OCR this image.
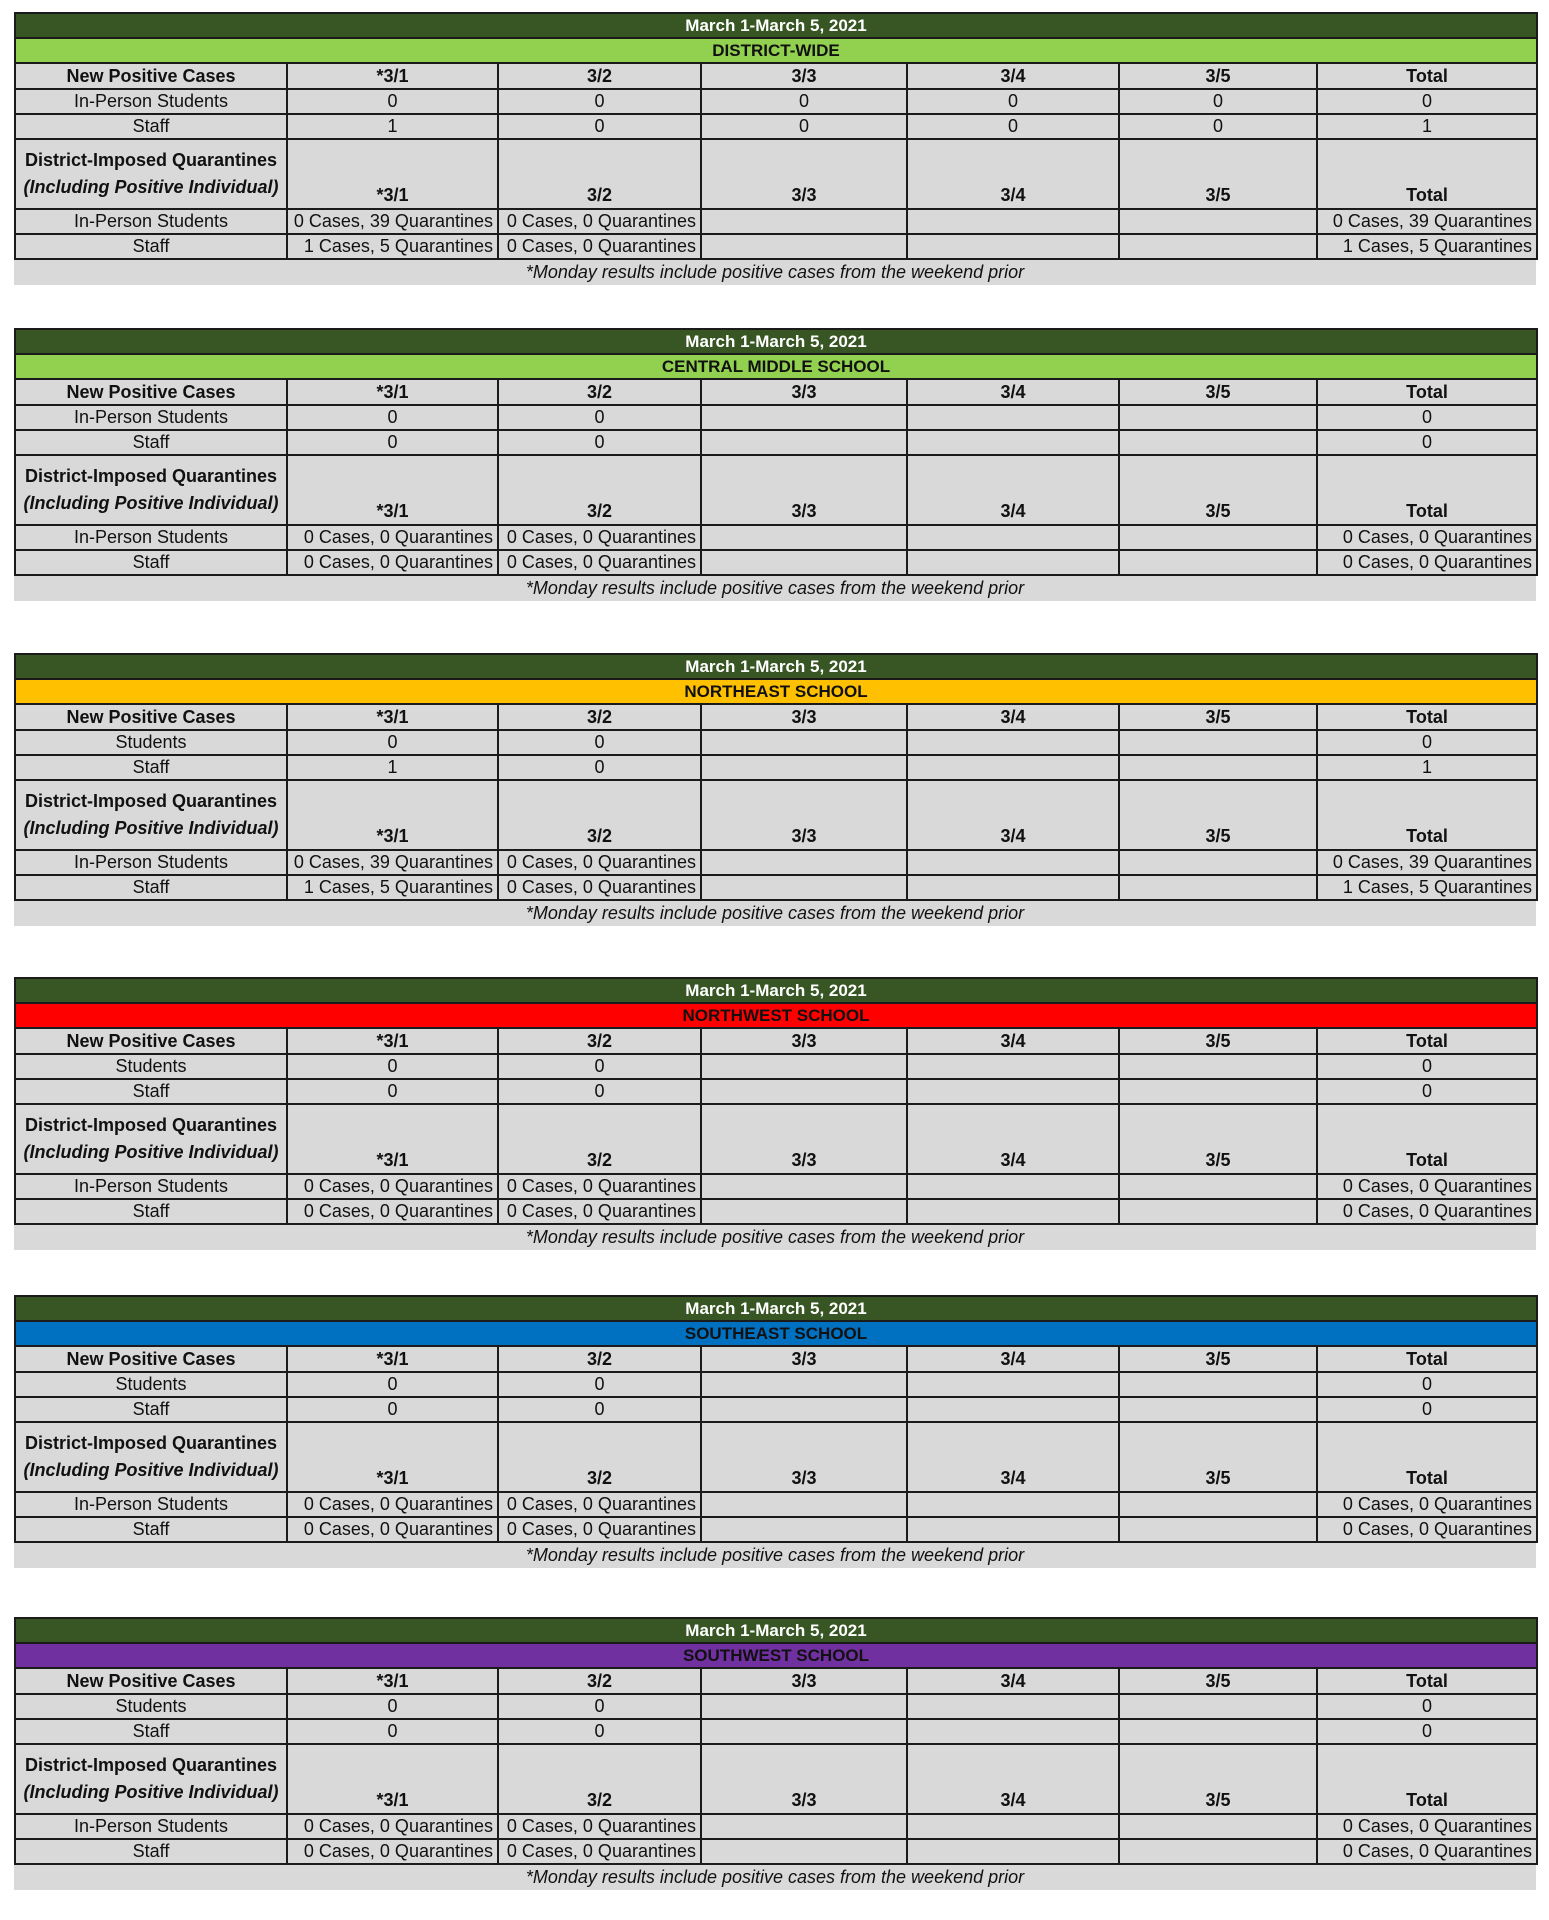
March 1-March 5, 2021						
DISTRICT-WIDE						
New Positive Cases	*3/1	3/2	3/3	3/4	3/5	Total
In-Person Students	0	0	0	0	0	0
Staff	1	0	0	0	0	1

District-Imposed Quarantines
(Including Positive Individual)	*3/1	3/2	3/3	3/4	3/5	Total
In-Person Students	0 Cases, 39 Quarantines	0 Cases, 0 Quarantines				0 Cases, 39 Quarantines
Staff	1 Cases, 5 Quarantines	0 Cases, 0 Quarantines				1 Cases, 5 Quarantines
*Monday results include positive cases from the weekend prior
March 1-March 5, 2021						
CENTRAL MIDDLE SCHOOL						
New Positive Cases	*3/1	3/2	3/3	3/4	3/5	Total
In-Person Students	0	0				0
Staff	0	0				0

District-Imposed Quarantines
(Including Positive Individual)	*3/1	3/2	3/3	3/4	3/5	Total
In-Person Students	0 Cases, 0 Quarantines	0 Cases, 0 Quarantines				0 Cases, 0 Quarantines
Staff	0 Cases, 0 Quarantines	0 Cases, 0 Quarantines				0 Cases, 0 Quarantines
*Monday results include positive cases from the weekend prior
March 1-March 5, 2021						
NORTHEAST SCHOOL						
New Positive Cases	*3/1	3/2	3/3	3/4	3/5	Total
Students	0	0				0
Staff	1	0				1

District-Imposed Quarantines
(Including Positive Individual)	*3/1	3/2	3/3	3/4	3/5	Total
In-Person Students	0 Cases, 39 Quarantines	0 Cases, 0 Quarantines				0 Cases, 39 Quarantines
Staff	1 Cases, 5 Quarantines	0 Cases, 0 Quarantines				1 Cases, 5 Quarantines
*Monday results include positive cases from the weekend prior
March 1-March 5, 2021						
NORTHWEST SCHOOL						
New Positive Cases	*3/1	3/2	3/3	3/4	3/5	Total
Students	0	0				0
Staff	0	0				0

District-Imposed Quarantines
(Including Positive Individual)	*3/1	3/2	3/3	3/4	3/5	Total
In-Person Students	0 Cases, 0 Quarantines	0 Cases, 0 Quarantines				0 Cases, 0 Quarantines
Staff	0 Cases, 0 Quarantines	0 Cases, 0 Quarantines				0 Cases, 0 Quarantines
*Monday results include positive cases from the weekend prior
March 1-March 5, 2021						
SOUTHEAST SCHOOL						
New Positive Cases	*3/1	3/2	3/3	3/4	3/5	Total
Students	0	0				0
Staff	0	0				0

District-Imposed Quarantines
(Including Positive Individual)	*3/1	3/2	3/3	3/4	3/5	Total
In-Person Students	0 Cases, 0 Quarantines	0 Cases, 0 Quarantines				0 Cases, 0 Quarantines
Staff	0 Cases, 0 Quarantines	0 Cases, 0 Quarantines				0 Cases, 0 Quarantines
*Monday results include positive cases from the weekend prior
March 1-March 5, 2021						
SOUTHWEST SCHOOL						
New Positive Cases	*3/1	3/2	3/3	3/4	3/5	Total
Students	0	0				0
Staff	0	0				0

District-Imposed Quarantines
(Including Positive Individual)	*3/1	3/2	3/3	3/4	3/5	Total
In-Person Students	0 Cases, 0 Quarantines	0 Cases, 0 Quarantines				0 Cases, 0 Quarantines
Staff	0 Cases, 0 Quarantines	0 Cases, 0 Quarantines				0 Cases, 0 Quarantines
*Monday results include positive cases from the weekend prior
